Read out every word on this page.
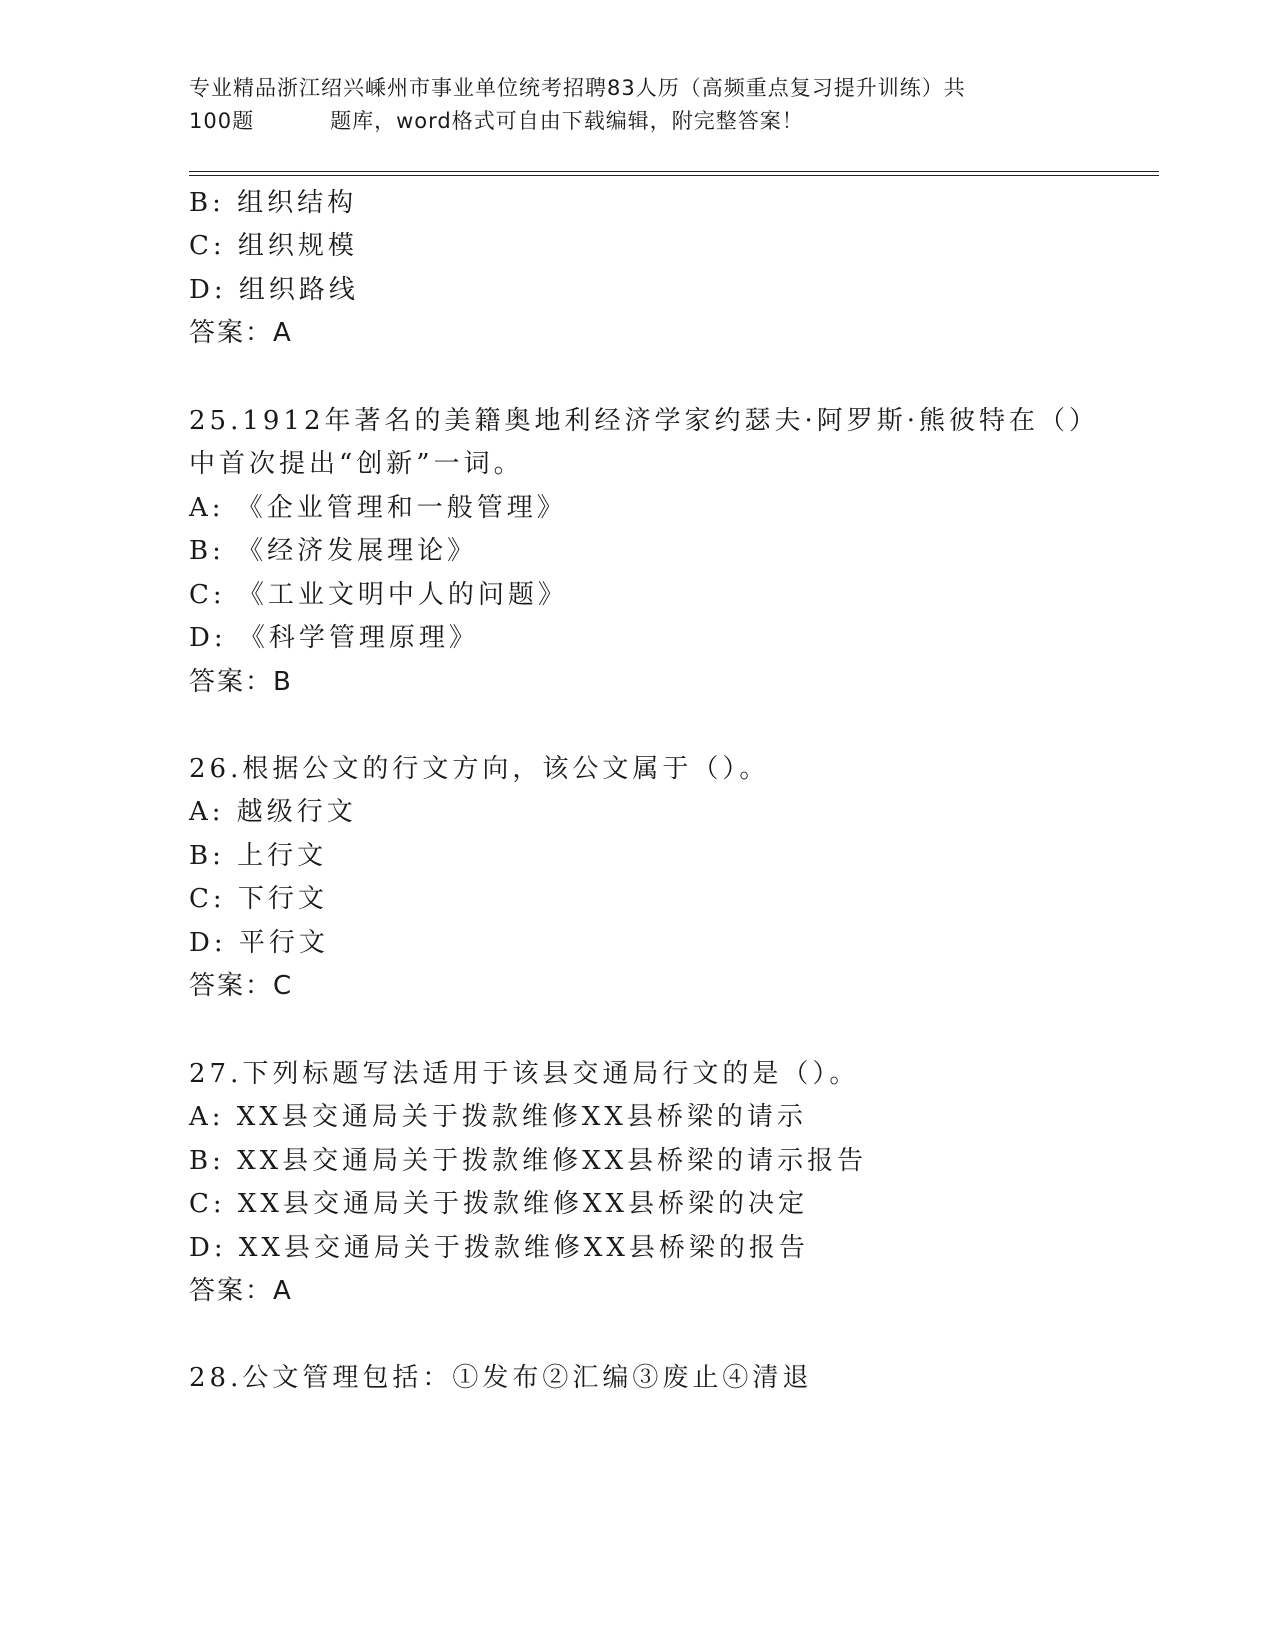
专业精品浙江绍兴嵊州市事业单位统考招聘83人历（高频重点复习提升训练）共
100题	题库，word格式可自由下载编辑，附完整答案！
B: 组织结构
C: 组织规模
D: 组织路线
答案：A
25.1912年著名的美籍奥地利经济学家约瑟夫·阿罗斯·熊彼特在（）
中首次提出“创新”一词。
A: 《企业管理和一般管理》
B: 《经济发展理论》
C: 《工业文明中人的问题》
D: 《科学管理原理》
答案：B
26.根据公文的行文方向，该公文属于（）。
A: 越级行文
B: 上行文
C: 下行文
D: 平行文
答案：C
27.下列标题写法适用于该县交通局行文的是（）。
A: XX县交通局关于拨款维修XX县桥梁的请示
B: XX县交通局关于拨款维修XX县桥梁的请示报告
C: XX县交通局关于拨款维修XX县桥梁的决定
D: XX县交通局关于拨款维修XX县桥梁的报告
答案：A
28.公文管理包括：①发布②汇编③废止④清退
